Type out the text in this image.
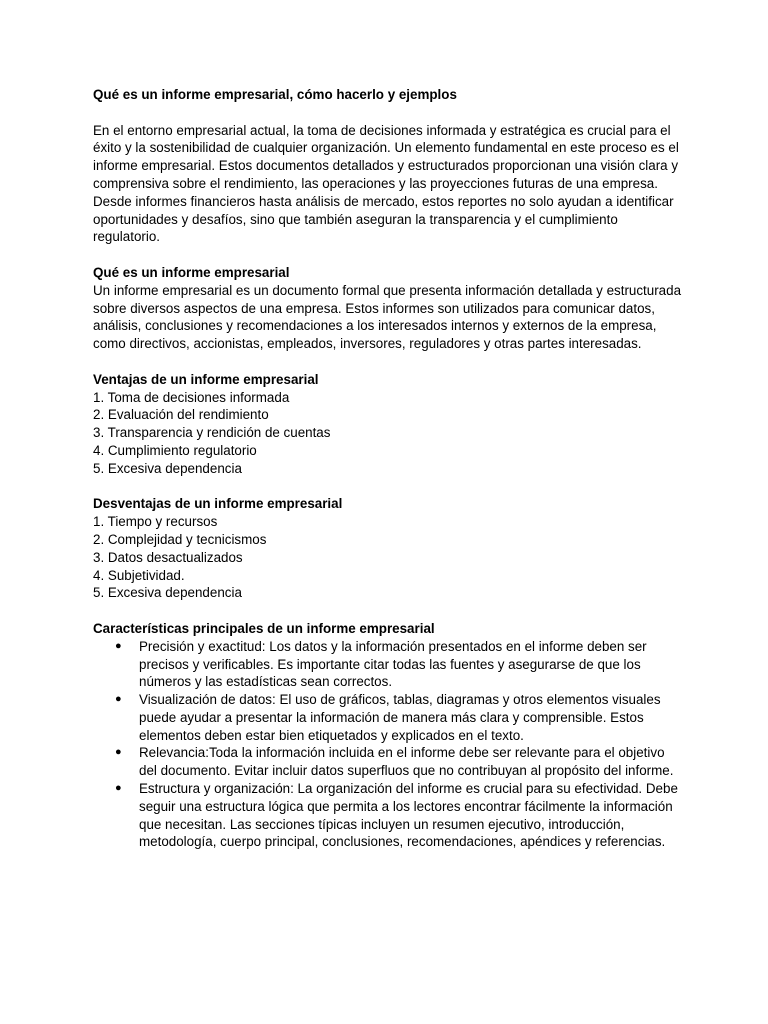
Qué es un informe empresarial, cómo hacerlo y ejemplos

En el entorno empresarial actual, la toma de decisiones informada y estratégica es crucial para el éxito y la sostenibilidad de cualquier organización. Un elemento fundamental en este proceso es el informe empresarial. Estos documentos detallados y estructurados proporcionan una visión clara y comprensiva sobre el rendimiento, las operaciones y las proyecciones futuras de una empresa. Desde informes financieros hasta análisis de mercado, estos reportes no solo ayudan a identificar oportunidades y desafíos, sino que también aseguran la transparencia y el cumplimiento regulatorio.

Qué es un informe empresarial

Un informe empresarial es un documento formal que presenta información detallada y estructurada sobre diversos aspectos de una empresa. Estos informes son utilizados para comunicar datos, análisis, conclusiones y recomendaciones a los interesados internos y externos de la empresa, como directivos, accionistas, empleados, inversores, reguladores y otras partes interesadas.

Ventajas de un informe empresarial

1. Toma de decisiones informada
2. Evaluación del rendimiento
3. Transparencia y rendición de cuentas
4. Cumplimiento regulatorio
5. Excesiva dependencia

Desventajas de un informe empresarial

1. Tiempo y recursos
2. Complejidad y tecnicismos
3. Datos desactualizados
4. Subjetividad.
5. Excesiva dependencia

Características principales de un informe empresarial

● Precisión y exactitud: Los datos y la información presentados en el informe deben ser precisos y verificables. Es importante citar todas las fuentes y asegurarse de que los números y las estadísticas sean correctos.
● Visualización de datos: El uso de gráficos, tablas, diagramas y otros elementos visuales puede ayudar a presentar la información de manera más clara y comprensible. Estos elementos deben estar bien etiquetados y explicados en el texto.
● Relevancia:Toda la información incluida en el informe debe ser relevante para el objetivo del documento. Evitar incluir datos superfluos que no contribuyan al propósito del informe.
● Estructura y organización: La organización del informe es crucial para su efectividad. Debe seguir una estructura lógica que permita a los lectores encontrar fácilmente la información que necesitan. Las secciones típicas incluyen un resumen ejecutivo, introducción, metodología, cuerpo principal, conclusiones, recomendaciones, apéndices y referencias.
